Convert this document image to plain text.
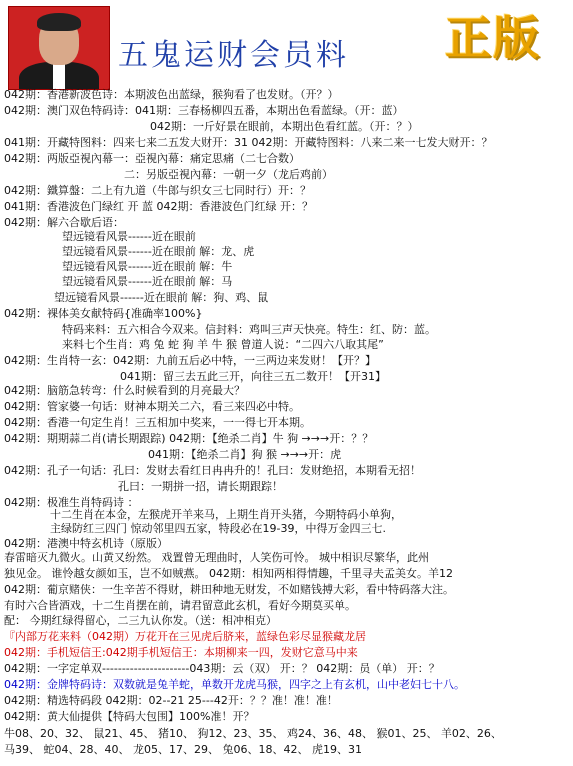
五鬼运财会员料 正版
042期：香港新波色诗：本期波色出蓝绿，猴狗看了也发财。（开？）
042期：澳门双色特码诗：041期：三春杨柳四五番，本期出色看蓝绿。（开：蓝）
042期：一斤好景在眼前，本期出色看红蓝。（开：？）
041期：开藏特图料：四来七来二五发大财开：31 042期：开藏特图料：八来二来一七发大财开：？
042期：两版亞視內幕一：亞視內幕：痛定思痛（二七合数）
二：另版亞視內幕：一朝一夕（龙后鸡前）
042期：鐵算盤：二上有九道（牛郎与织女三七同时行）开：？
041期：香港波色门绿红 开 蓝 042期：香港波色门红绿 开：？
042期：解六合歇后语：
望远镜看风景------近在眼前
望远镜看风景------近在眼前 解：龙、虎
望远镜看风景------近在眼前 解：牛
望远镜看风景------近在眼前 解：马
望远镜看风景------近在眼前 解：狗、鸡、鼠
042期：裸体美女献特码{准确率100%}
特码来料：五六相合今双来。信封料：鸡叫三声天快亮。特生：红、防：蓝。
来料七个生肖：鸡 兔 蛇 狗 羊 牛 猴 曾道人说：“二四六八取其尾”
042期：生肖特一玄：042期：九前五后必中特，一三两边来发财！【开？】
041期：留三去五此三开，向往三五二数开！【开31】
042期：脑筋急转弯：什么时候看到的月亮最大？
042期：管家婆一句话：财神本期关二六，看三来四必中特。
042期：香港一句定生肖！三五相加中奖来，一一得七开本期。
042期：期期蒜二肖(请长期跟踪) 042期：【绝杀二肖】牛 狗 →→→开：？？
041期：【绝杀二肖】狗 猴 →→→开：虎
042期：孔子一句话：孔曰：发财去看红日冉冉升的！孔曰：发财绝招，本期看无招！
孔曰：一期拼一招，请长期跟踪！
042期：极准生肖特码诗 ：
十二生肖在本金，左猴虎开羊来马，上期生肖开头猪，今期特码小单狗，
主绿防红三四门 惊动邻里四五家，特段必在19-39，中得万金四三七.
042期：港澳中特玄机诗（原版）
春雷暗灭九微火。山黄又纷然。 戏置曾无理曲时，人笑伤可怜。 城中相识尽繁华，此州
独见金。 谁怜越女颜如玉，岂不如贼燕。 042期：相知两相得情趣，千里寻夫孟美女。羊12
042期：葡京赌侠：一生辛苦不得财，耕田种地无财发，不如赌钱搏大彩，看中特码落大注。
有时六合皆酒戏，十二生肖摆在前，请君留意此玄机，看好今期莫买单。
配： 今期红绿得留心，二三九认你发。（送：相冲相克）
『内部万花来料（042期）万花开在三见虎后脐来，蓝绿色彩尽显猴藏龙居
042期：手机短信王:042期手机短信王：本期柳来一四，发财它意马中来
042期：一字定单双----------------------043期：云（双） 开：？ 042期：员（单） 开：？
042期：金牌特码诗：双数就是兔羊蛇，单数开龙虎马猴，四字之上有玄机，山中老妇七十八。
042期：精选特码段 042期：02--21 25---42开：？？准！准！准！
042期：黄大仙提供【特码大包围】100%准！开？
牛08、20、32、 鼠21、45、 猪10、 狗12、23、35、 鸡24、36、48、 猴01、25、 羊02、26、
马39、 蛇04、28、40、 龙05、17、29、 兔06、18、42、 虎19、31
